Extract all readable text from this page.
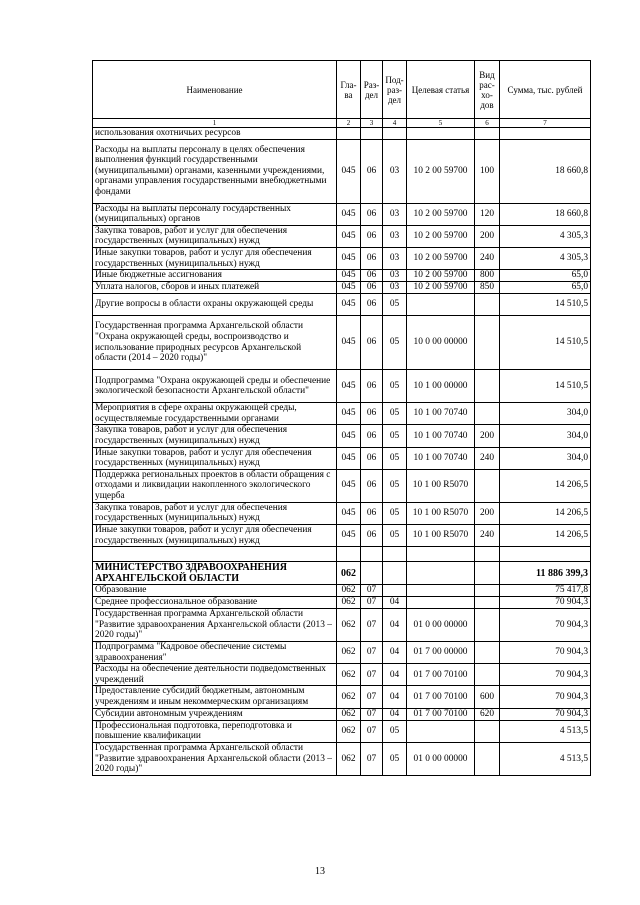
Наименование	Гла-ва	Раз-дел	Под-раз-дел	Целевая статья	Вид рас-хо-дов	Сумма, тыс. рублей
1	2	3	4	5	6	7
использования охотничьих ресурсов						
Расходы на выплаты персоналу в целях обеспечения выполнения функций государственными (муниципальными) органами, казенными учреждениями, органами управления государственными внебюджетными фондами	045	06	03	10 2 00 59700	100	18 660,8
Расходы на выплаты персоналу государственных (муниципальных) органов	045	06	03	10 2 00 59700	120	18 660,8
Закупка товаров, работ и услуг для обеспечения государственных (муниципальных) нужд	045	06	03	10 2 00 59700	200	4 305,3
Иные закупки товаров, работ и услуг для обеспечения государственных (муниципальных) нужд	045	06	03	10 2 00 59700	240	4 305,3
Иные бюджетные ассигнования	045	06	03	10 2 00 59700	800	65,0
Уплата налогов, сборов и иных платежей	045	06	03	10 2 00 59700	850	65,0
Другие вопросы в области охраны окружающей среды	045	06	05			14 510,5
Государственная программа Архангельской области "Охрана окружающей среды, воспроизводство и использование природных ресурсов Архангельской области (2014 – 2020 годы)"	045	06	05	10 0 00 00000		14 510,5
Подпрограмма "Охрана окружающей среды и обеспечение экологической безопасности Архангельской области"	045	06	05	10 1 00 00000		14 510,5
Мероприятия в сфере охраны окружающей среды, осуществляемые государственными органами	045	06	05	10 1 00 70740		304,0
Закупка товаров, работ и услуг для обеспечения государственных (муниципальных) нужд	045	06	05	10 1 00 70740	200	304,0
Иные закупки товаров, работ и услуг для обеспечения государственных (муниципальных) нужд	045	06	05	10 1 00 70740	240	304,0
Поддержка региональных проектов в области обращения с отходами и ликвидации накопленного экологического ущерба	045	06	05	10 1 00 R5070		14 206,5
Закупка товаров, работ и услуг для обеспечения государственных (муниципальных) нужд	045	06	05	10 1 00 R5070	200	14 206,5
Иные закупки товаров, работ и услуг для обеспечения государственных (муниципальных) нужд	045	06	05	10 1 00 R5070	240	14 206,5

МИНИСТЕРСТВО ЗДРАВООХРАНЕНИЯ АРХАНГЕЛЬСКОЙ ОБЛАСТИ	062					11 886 399,3
Образование	062	07				75 417,8
Среднее профессиональное образование	062	07	04			70 904,3
Государственная программа Архангельской области "Развитие здравоохранения Архангельской области (2013 – 2020 годы)"	062	07	04	01 0 00 00000		70 904,3
Подпрограмма "Кадровое обеспечение системы здравоохранения"	062	07	04	01 7 00 00000		70 904,3
Расходы на обеспечение деятельности подведомственных учреждений	062	07	04	01 7 00 70100		70 904,3
Предоставление субсидий бюджетным, автономным учреждениям и иным некоммерческим организациям	062	07	04	01 7 00 70100	600	70 904,3
Субсидии автономным учреждениям	062	07	04	01 7 00 70100	620	70 904,3
Профессиональная подготовка, переподготовка и повышение квалификации	062	07	05			4 513,5
Государственная программа Архангельской области "Развитие здравоохранения Архангельской области (2013 – 2020 годы)"	062	07	05	01 0 00 00000		4 513,5
13
